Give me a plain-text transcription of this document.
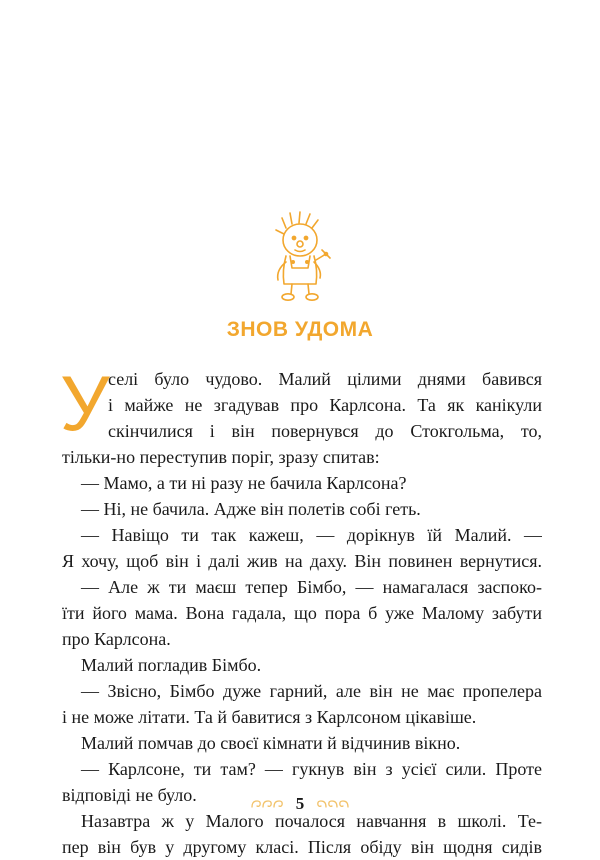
ЗНОВ УДОМА
У
селі було чудово. Малий цілими днями бавився
і майже не згадував про Карлсона. Та як канікули
скінчилися і він повернувся до Стокгольма, то,
тільки-но переступив поріг, зразу спитав:
— Мамо, а ти ні разу не бачила Карлсона?
— Ні, не бачила. Адже він полетів собі геть.
— Навіщо ти так кажеш, — дорікнув їй Малий. —
Я хочу, щоб він і далі жив на даху. Він повинен вернутися.
— Але ж ти маєш тепер Бімбо, — намагалася заспоко-
їти його мама. Вона гадала, що пора б уже Малому забути
про Карлсона.
Малий погладив Бімбо.
— Звісно, Бімбо дуже гарний, але він не має пропелера
і не може літати. Та й бавитися з Карлсоном цікавіше.
Малий помчав до своєї кімнати й відчинив вікно.
— Карлсоне, ти там? — гукнув він з усієї сили. Проте
відповіді не було.
Назавтра ж у Малого почалося навчання в школі. Те-
пер він був у другому класі. Після обіду він щодня сидів
5
